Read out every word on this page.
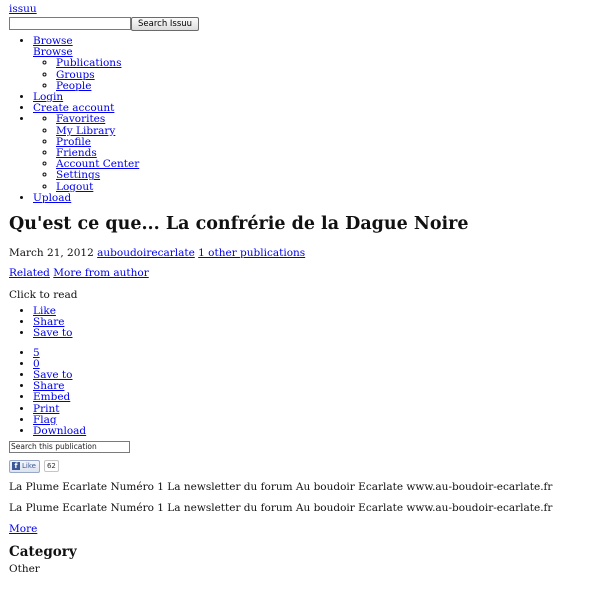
issuu
Search Issuu
• Browse
Browse
◦ Publications
◦ Groups
◦ People
• Login
• Create account
◦ • Favorites
◦ My Library
◦ Profile
◦ Friends
◦ Account Center
◦ Settings
◦ Logout
• Upload
Qu'est ce que... La confrérie de la Dague Noire
March 21, 2012 auboudoirecarlate 1 other publications
Related More from author
Click to read
• Like
• Share
• Save to
• 5
• 0
• Save to
• Share
• Embed
• Print
• Flag
• Download
Search this publication
f Like	62
La Plume Ecarlate Numéro 1 La newsletter du forum Au boudoir Ecarlate www.au-boudoir-ecarlate.fr
La Plume Ecarlate Numéro 1 La newsletter du forum Au boudoir Ecarlate www.au-boudoir-ecarlate.fr
More
Category
Other
